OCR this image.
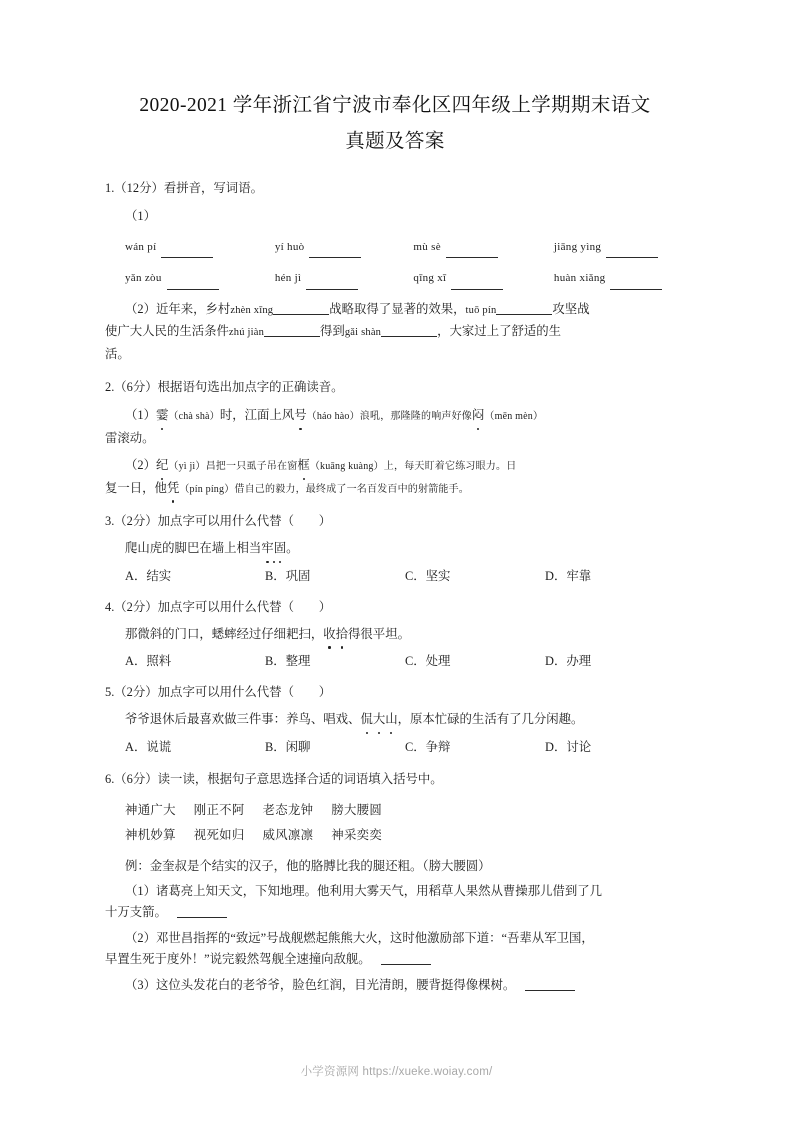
2020-2021 学年浙江省宁波市奉化区四年级上学期期末语文
真题及答案
1.（12分）看拼音，写词语。
（1）
wán pí	yí huò	mù sè	jiāng yìng
yǎn zòu	hén jì	qīng xī	huàn xiǎng
（2）近年来，乡村zhèn xīng	战略取得了显著的效果，tuō pín	攻坚战
使广大人民的生活条件zhú jiàn	得到gǎi shàn	，大家过上了舒适的生
活。
2.（6分）根据语句选出加点字的正确读音。
（1）霎（chà shà）时，江面上风号（háo hào）浪吼，那隆隆的响声好像闷（mēn mèn）
雷滚动。
（2）纪（yì jì）昌把一只虱子吊在窗框（kuāng kuàng）上，每天盯着它练习眼力。日
复一日，他凭（pín píng）借自己的毅力，最终成了一名百发百中的射箭能手。
3.（2分）加点字可以用什么代替（　　）
爬山虎的脚巴在墙上相当牢固。
A．结实	B．巩固	C．坚实	D．牢靠
4.（2分）加点字可以用什么代替（　　）
那微斜的门口，蟋蟀经过仔细耙扫，收拾得很平坦。
A．照料	B．整理	C．处理	D．办理
5.（2分）加点字可以用什么代替（　　）
爷爷退休后最喜欢做三件事：养鸟、唱戏、侃大山，原本忙碌的生活有了几分闲趣。
A．说谎	B．闲聊	C．争辩	D．讨论
6.（6分）读一读，根据句子意思选择合适的词语填入括号中。
神通广大 刚正不阿 老态龙钟 膀大腰圆
神机妙算 视死如归 威风凛凛 神采奕奕
例：金奎叔是个结实的汉子，他的胳膊比我的腿还粗。（膀大腰圆）
（1）诸葛亮上知天文，下知地理。他利用大雾天气，用稻草人果然从曹操那儿借到了几
十万支箭。
（2）邓世昌指挥的“致远”号战舰燃起熊熊大火，这时他激励部下道：“吾辈从军卫国，
早置生死于度外！”说完毅然驾舰全速撞向敌舰。
（3）这位头发花白的老爷爷，脸色红润，目光清朗，腰背挺得像棵树。
小学资源网 https://xueke.woiay.com/
